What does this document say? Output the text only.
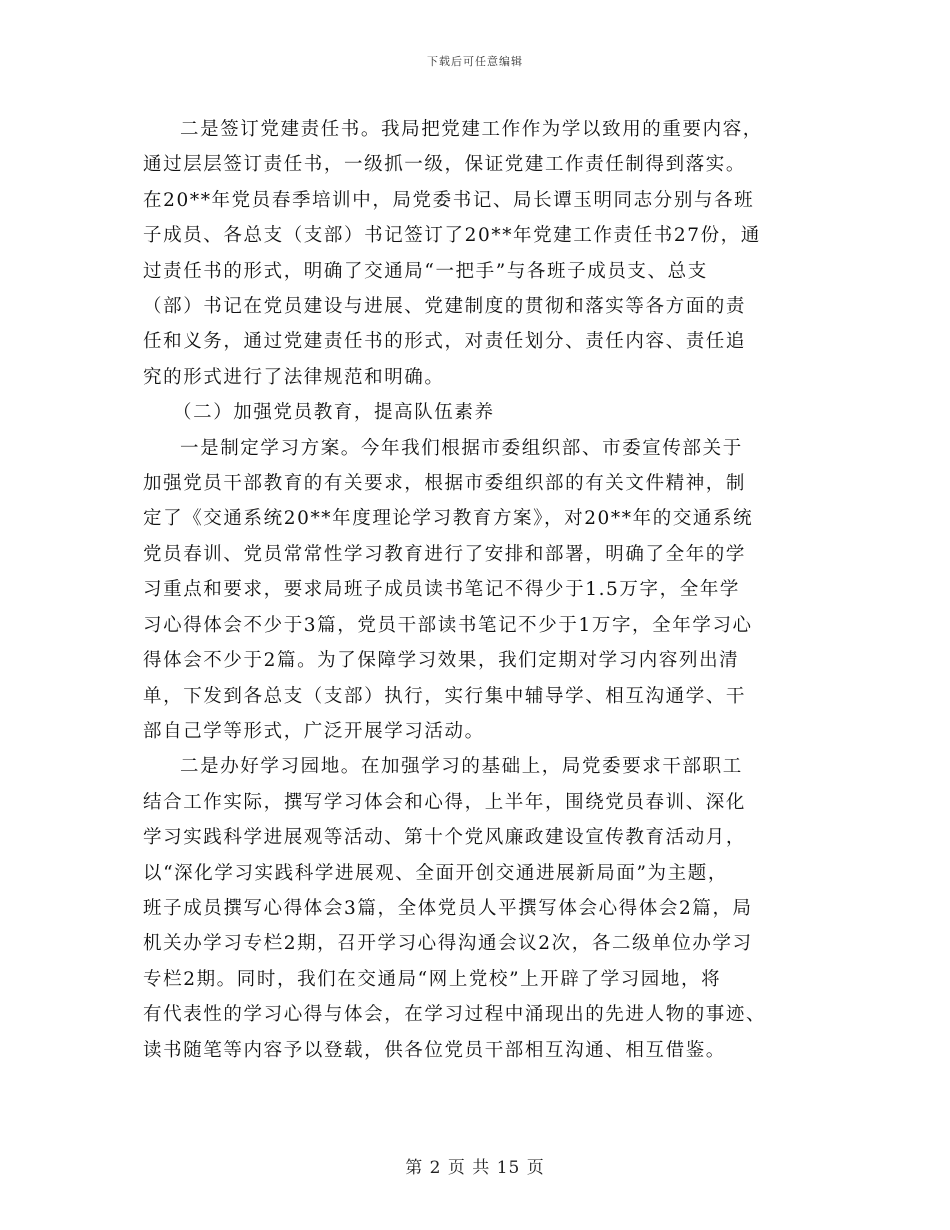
下载后可任意编辑

二是签订党建责任书。我局把党建工作作为学以致用的重要内容，
通过层层签订责任书，一级抓一级，保证党建工作责任制得到落实。
在20**年党员春季培训中，局党委书记、局长谭玉明同志分别与各班
子成员、各总支（支部）书记签订了20**年党建工作责任书27份，通
过责任书的形式，明确了交通局“一把手”与各班子成员支、总支
（部）书记在党员建设与进展、党建制度的贯彻和落实等各方面的责
任和义务，通过党建责任书的形式，对责任划分、责任内容、责任追
究的形式进行了法律规范和明确。

（二）加强党员教育，提高队伍素养

一是制定学习方案。今年我们根据市委组织部、市委宣传部关于
加强党员干部教育的有关要求，根据市委组织部的有关文件精神，制
定了《交通系统20**年度理论学习教育方案》，对20**年的交通系统
党员春训、党员常常性学习教育进行了安排和部署，明确了全年的学
习重点和要求，要求局班子成员读书笔记不得少于1.5万字，全年学
习心得体会不少于3篇，党员干部读书笔记不少于1万字，全年学习心
得体会不少于2篇。为了保障学习效果，我们定期对学习内容列出清
单，下发到各总支（支部）执行，实行集中辅导学、相互沟通学、干
部自己学等形式，广泛开展学习活动。

二是办好学习园地。在加强学习的基础上，局党委要求干部职工
结合工作实际，撰写学习体会和心得，上半年，围绕党员春训、深化
学习实践科学进展观等活动、第十个党风廉政建设宣传教育活动月，
以“深化学习实践科学进展观、全面开创交通进展新局面”为主题，
班子成员撰写心得体会3篇，全体党员人平撰写体会心得体会2篇，局
机关办学习专栏2期，召开学习心得沟通会议2次，各二级单位办学习
专栏2期。同时，我们在交通局“网上党校”上开辟了学习园地，将
有代表性的学习心得与体会，在学习过程中涌现出的先进人物的事迹、
读书随笔等内容予以登载，供各位党员干部相互沟通、相互借鉴。

第 2 页 共 15 页
